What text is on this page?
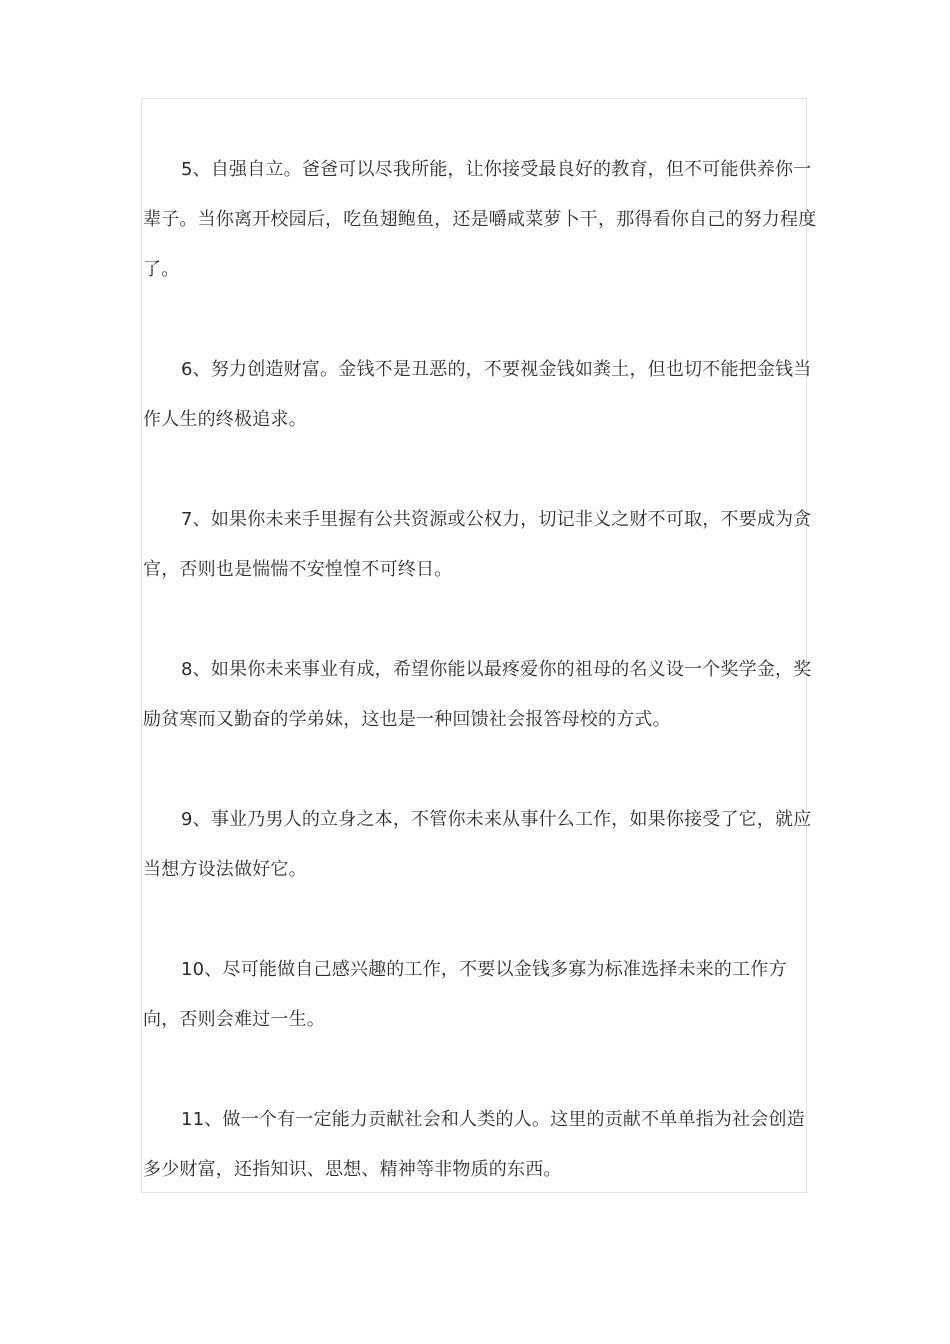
5、自强自立。爸爸可以尽我所能，让你接受最良好的教育，但不可能供养你一辈子。当你离开校园后，吃鱼翅鲍鱼，还是嚼咸菜萝卜干，那得看你自己的努力程度了。

6、努力创造财富。金钱不是丑恶的，不要视金钱如粪土，但也切不能把金钱当作人生的终极追求。

7、如果你未来手里握有公共资源或公权力，切记非义之财不可取，不要成为贪官，否则也是惴惴不安惶惶不可终日。

8、如果你未来事业有成，希望你能以最疼爱你的祖母的名义设一个奖学金，奖励贫寒而又勤奋的学弟妹，这也是一种回馈社会报答母校的方式。

9、事业乃男人的立身之本，不管你未来从事什么工作，如果你接受了它，就应当想方设法做好它。

10、尽可能做自己感兴趣的工作，不要以金钱多寡为标准选择未来的工作方向，否则会难过一生。

11、做一个有一定能力贡献社会和人类的人。这里的贡献不单单指为社会创造多少财富，还指知识、思想、精神等非物质的东西。
